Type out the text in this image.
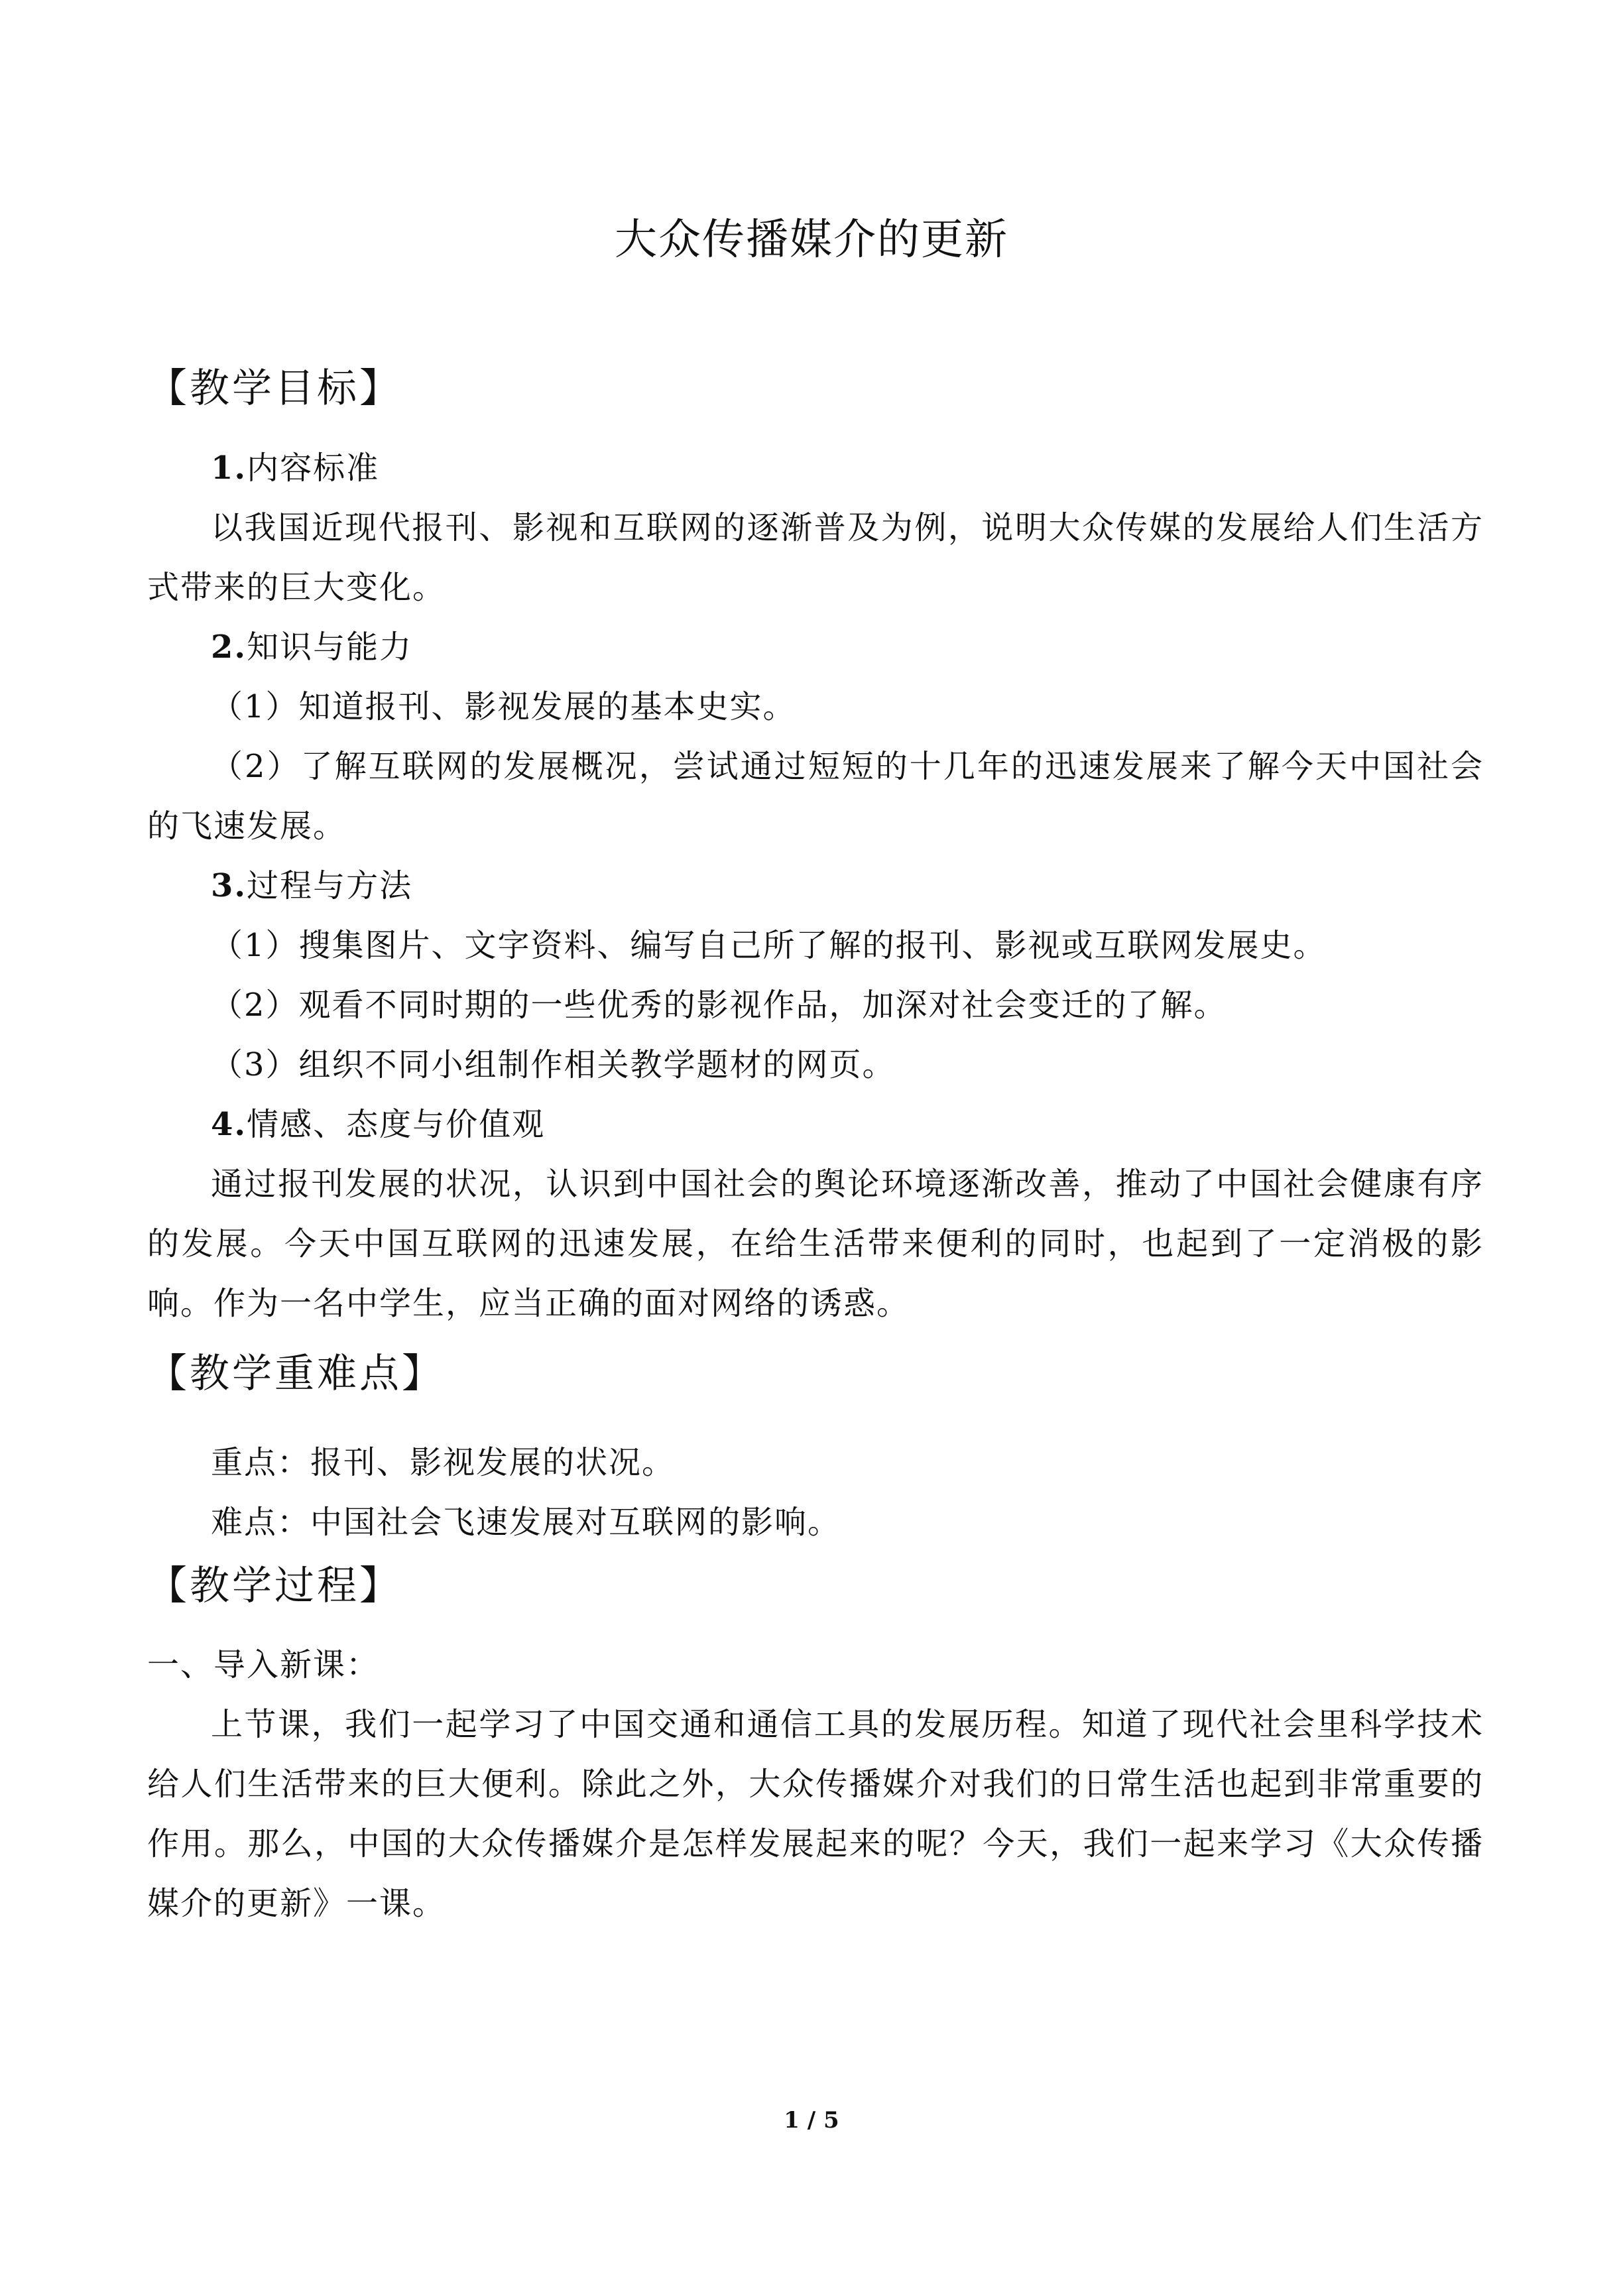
大众传播媒介的更新
【教学目标】
1.内容标准
以我国近现代报刊、影视和互联网的逐渐普及为例，说明大众传媒的发展给人们生活方式带来的巨大变化。
2.知识与能力
（1）知道报刊、影视发展的基本史实。
（2）了解互联网的发展概况，尝试通过短短的十几年的迅速发展来了解今天中国社会的飞速发展。
3.过程与方法
（1）搜集图片、文字资料、编写自己所了解的报刊、影视或互联网发展史。
（2）观看不同时期的一些优秀的影视作品，加深对社会变迁的了解。
（3）组织不同小组制作相关教学题材的网页。
4.情感、态度与价值观
通过报刊发展的状况，认识到中国社会的舆论环境逐渐改善，推动了中国社会健康有序的发展。今天中国互联网的迅速发展，在给生活带来便利的同时，也起到了一定消极的影响。作为一名中学生，应当正确的面对网络的诱惑。
【教学重难点】
重点：报刊、影视发展的状况。
难点：中国社会飞速发展对互联网的影响。
【教学过程】
一、导入新课：
上节课，我们一起学习了中国交通和通信工具的发展历程。知道了现代社会里科学技术给人们生活带来的巨大便利。除此之外，大众传播媒介对我们的日常生活也起到非常重要的作用。那么，中国的大众传播媒介是怎样发展起来的呢？今天，我们一起来学习《大众传播媒介的更新》一课。
1 / 5
